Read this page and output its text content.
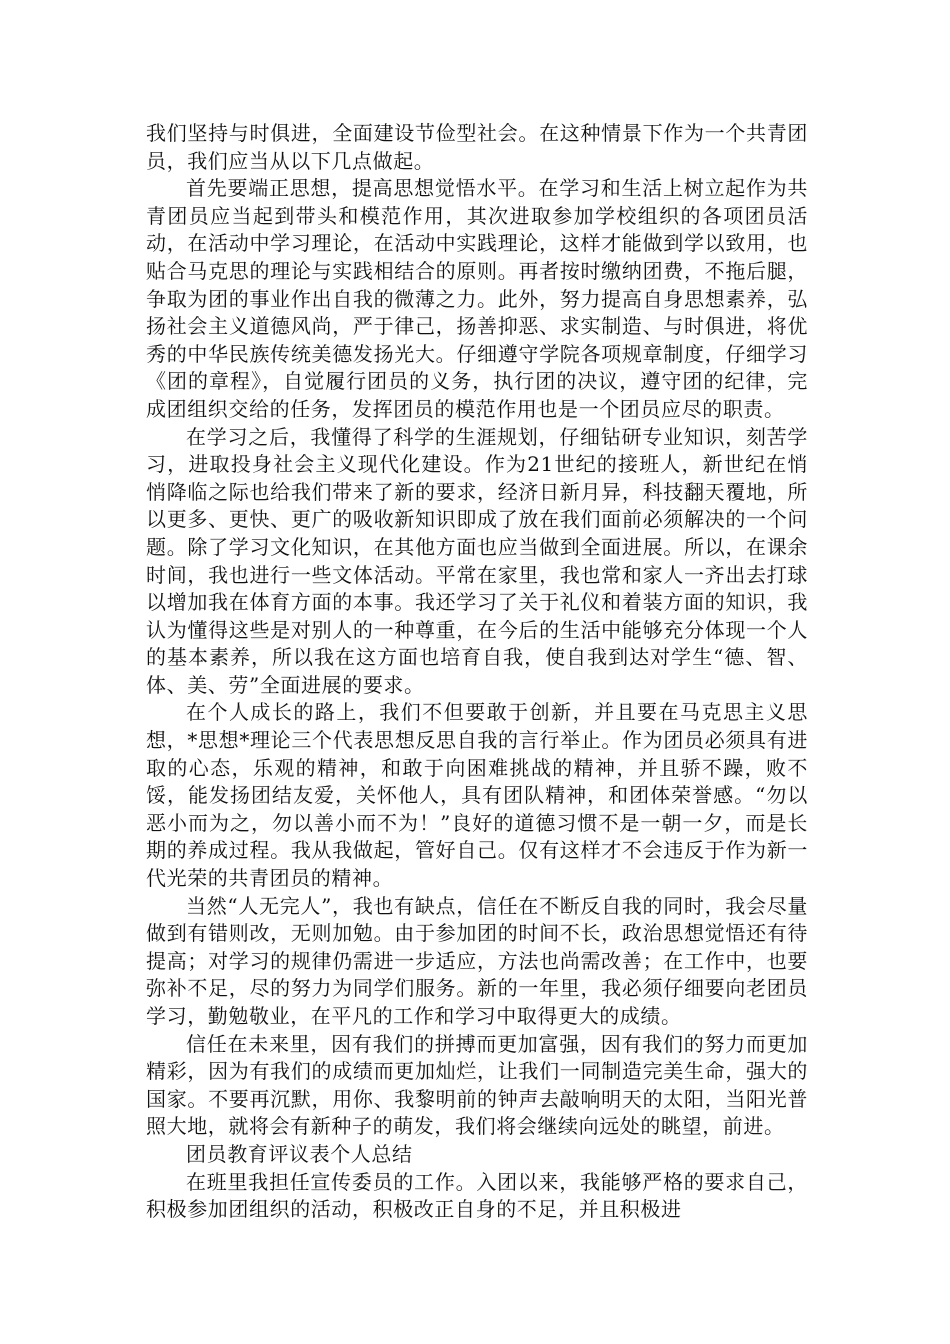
我们坚持与时俱进，全面建设节俭型社会。在这种情景下作为一个共青团员，我们应当从以下几点做起。

首先要端正思想，提高思想觉悟水平。在学习和生活上树立起作为共青团员应当起到带头和模范作用，其次进取参加学校组织的各项团员活动，在活动中学习理论，在活动中实践理论，这样才能做到学以致用，也贴合马克思的理论与实践相结合的原则。再者按时缴纳团费，不拖后腿，争取为团的事业作出自我的微薄之力。此外，努力提高自身思想素养，弘扬社会主义道德风尚，严于律己，扬善抑恶、求实制造、与时俱进，将优秀的中华民族传统美德发扬光大。仔细遵守学院各项规章制度，仔细学习《团的章程》，自觉履行团员的义务，执行团的决议，遵守团的纪律，完成团组织交给的任务，发挥团员的模范作用也是一个团员应尽的职责。

在学习之后，我懂得了科学的生涯规划，仔细钻研专业知识，刻苦学习，进取投身社会主义现代化建设。作为21世纪的接班人，新世纪在悄悄降临之际也给我们带来了新的要求，经济日新月异，科技翻天覆地，所以更多、更快、更广的吸收新知识即成了放在我们面前必须解决的一个问题。除了学习文化知识，在其他方面也应当做到全面进展。所以，在课余时间，我也进行一些文体活动。平常在家里，我也常和家人一齐出去打球以增加我在体育方面的本事。我还学习了关于礼仪和着装方面的知识，我认为懂得这些是对别人的一种尊重，在今后的生活中能够充分体现一个人的基本素养，所以我在这方面也培育自我，使自我到达对学生“德、智、体、美、劳”全面进展的要求。

在个人成长的路上，我们不但要敢于创新，并且要在马克思主义思想，*思想*理论三个代表思想反思自我的言行举止。作为团员必须具有进取的心态，乐观的精神，和敢于向困难挑战的精神，并且骄不躁，败不馁，能发扬团结友爱，关怀他人，具有团队精神，和团体荣誉感。“勿以恶小而为之，勿以善小而不为！”良好的道德习惯不是一朝一夕，而是长期的养成过程。我从我做起，管好自己。仅有这样才不会违反于作为新一代光荣的共青团员的精神。

当然“人无完人”，我也有缺点，信任在不断反自我的同时，我会尽量做到有错则改，无则加勉。由于参加团的时间不长，政治思想觉悟还有待提高；对学习的规律仍需进一步适应，方法也尚需改善；在工作中，也要弥补不足，尽的努力为同学们服务。新的一年里，我必须仔细要向老团员学习，勤勉敬业，在平凡的工作和学习中取得更大的成绩。

信任在未来里，因有我们的拼搏而更加富强，因有我们的努力而更加精彩，因为有我们的成绩而更加灿烂，让我们一同制造完美生命，强大的国家。不要再沉默，用你、我黎明前的钟声去敲响明天的太阳，当阳光普照大地，就将会有新种子的萌发，我们将会继续向远处的眺望，前进。

团员教育评议表个人总结

在班里我担任宣传委员的工作。入团以来，我能够严格的要求自己，积极参加团组织的活动，积极改正自身的不足，并且积极进
